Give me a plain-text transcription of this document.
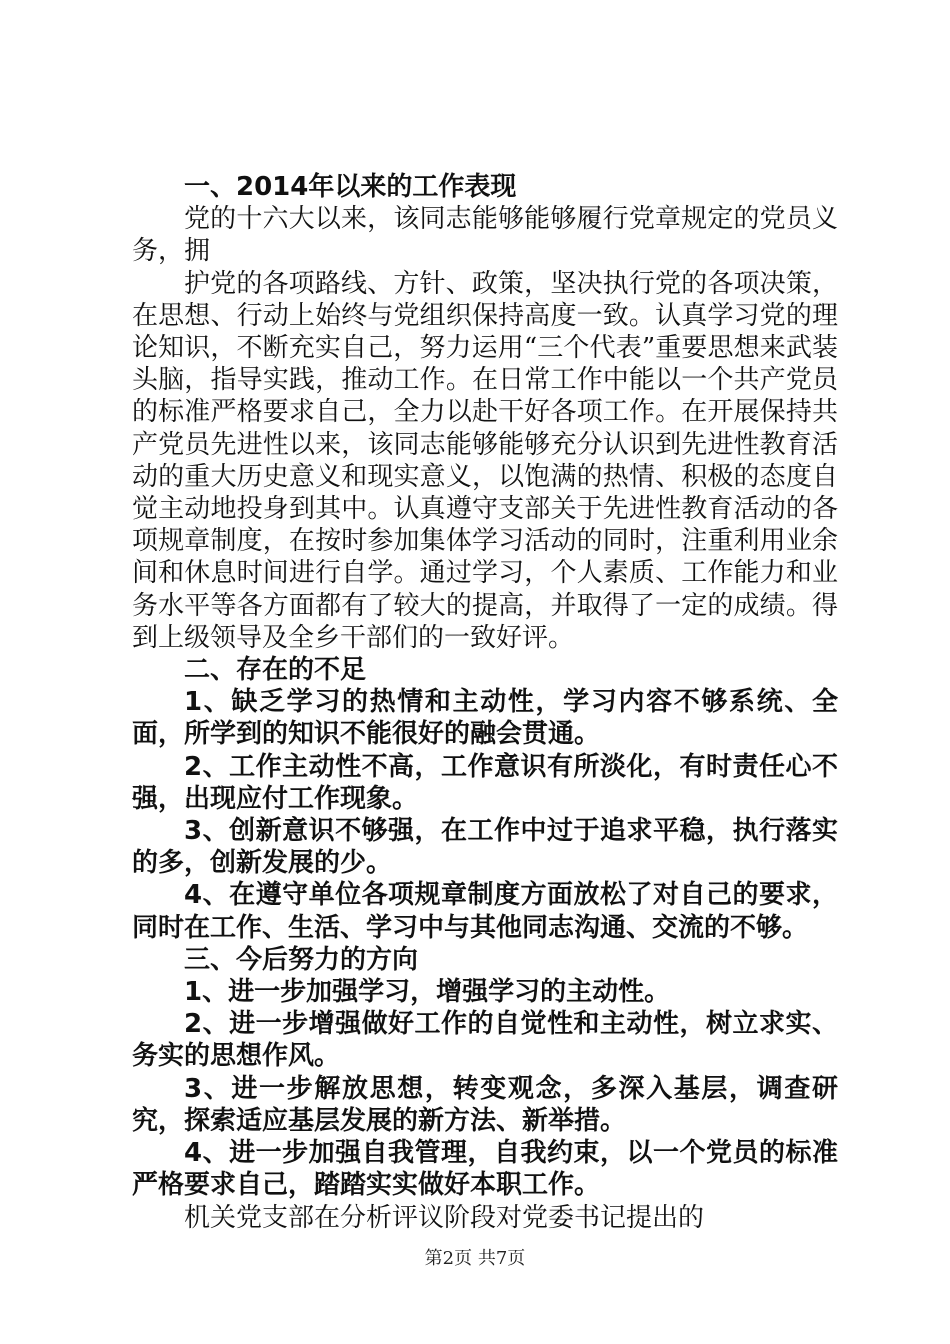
一、2014年以来的工作表现

党的十六大以来，该同志能够能够履行党章规定的党员义务，拥

护党的各项路线、方针、政策，坚决执行党的各项决策，在思想、行动上始终与党组织保持高度一致。认真学习党的理论知识，不断充实自己，努力运用“三个代表”重要思想来武装头脑，指导实践，推动工作。在日常工作中能以一个共产党员的标准严格要求自己，全力以赴干好各项工作。在开展保持共产党员先进性以来，该同志能够能够充分认识到先进性教育活动的重大历史意义和现实意义，以饱满的热情、积极的态度自觉主动地投身到其中。认真遵守支部关于先进性教育活动的各项规章制度，在按时参加集体学习活动的同时，注重利用业余间和休息时间进行自学。通过学习，个人素质、工作能力和业务水平等各方面都有了较大的提高，并取得了一定的成绩。得到上级领导及全乡干部们的一致好评。

二、存在的不足

1、缺乏学习的热情和主动性，学习内容不够系统、全面，所学到的知识不能很好的融会贯通。

2、工作主动性不高，工作意识有所淡化，有时责任心不强，出现应付工作现象。

3、创新意识不够强，在工作中过于追求平稳，执行落实的多，创新发展的少。

4、在遵守单位各项规章制度方面放松了对自己的要求，同时在工作、生活、学习中与其他同志沟通、交流的不够。

三、今后努力的方向

1、进一步加强学习，增强学习的主动性。

2、进一步增强做好工作的自觉性和主动性，树立求实、务实的思想作风。

3、进一步解放思想，转变观念，多深入基层，调查研究，探索适应基层发展的新方法、新举措。

4、进一步加强自我管理，自我约束，以一个党员的标准严格要求自己，踏踏实实做好本职工作。

机关党支部在分析评议阶段对党委书记提出的

第2页 共7页
